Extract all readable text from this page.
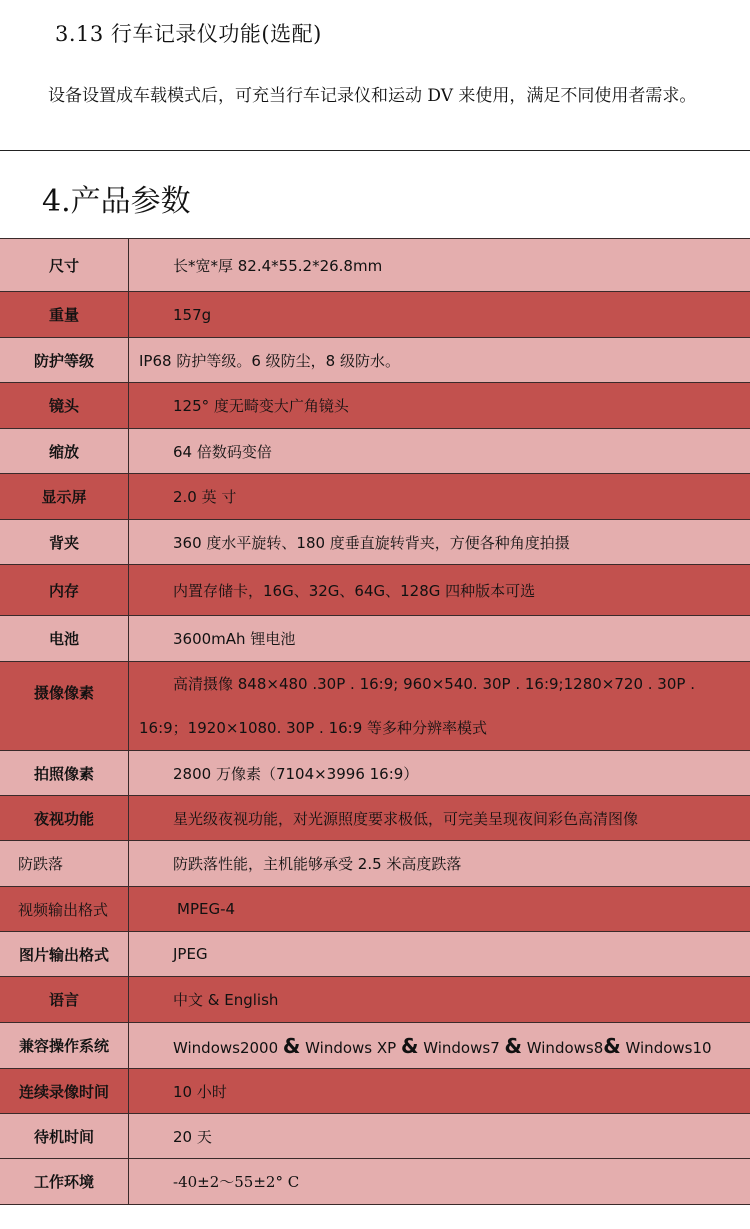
3.13 行车记录仪功能(选配)

设备设置成车载模式后，可充当行车记录仪和运动 DV 来使用，满足不同使用者需求。

4.产品参数
尺寸	长*宽*厚 82.4*55.2*26.8mm
重量	157g
防护等级	IP68 防护等级。6 级防尘，8 级防水。
镜头	125° 度无畸变大广角镜头
缩放	64 倍数码变倍
显示屏	2.0 英 寸
背夹	360 度水平旋转、180 度垂直旋转背夹，方便各种角度拍摄
内存	内置存储卡，16G、32G、64G、128G 四种版本可选
电池	3600mAh 锂电池
摄像像素	高清摄像 848×480 .30P . 16:9; 960×540. 30P . 16:9;1280×720 . 30P .
16:9；1920×1080. 30P . 16:9 等多种分辨率模式

拍照像素	2800 万像素（7104×3996 16:9）
夜视功能	星光级夜视功能，对光源照度要求极低，可完美呈现夜间彩色高清图像
防跌落	防跌落性能，主机能够承受 2.5 米高度跌落
视频输出格式	MPEG-4
图片输出格式	JPEG
语言	中文 & English
兼容操作系统	Windows2000 & Windows XP & Windows7 & Windows8& Windows10
连续录像时间	10 小时
待机时间	20 天
工作环境	-40±2～55±2° C
